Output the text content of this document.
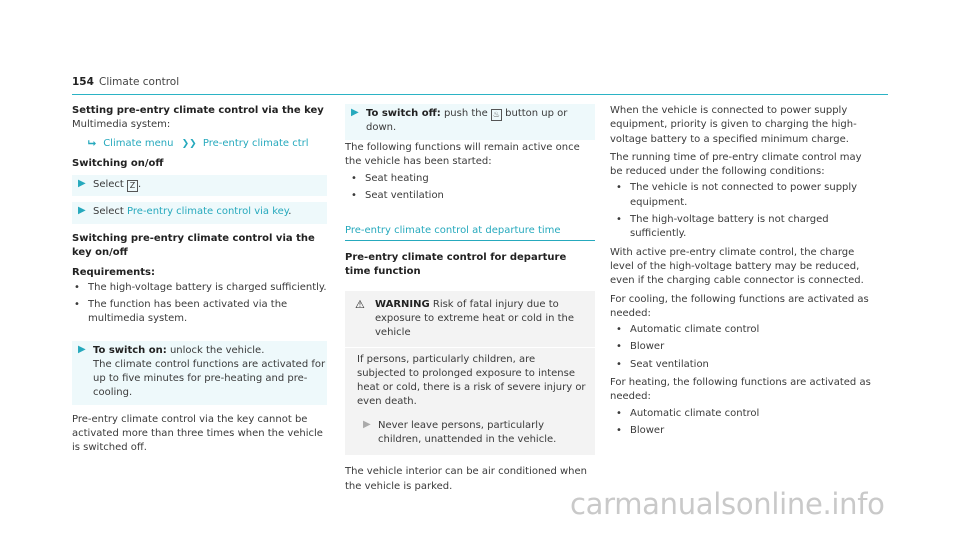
154 Climate control

Setting pre-entry climate control via the key

Multimedia system:

⮡ Climate menu ❯❯ Pre-entry climate ctrl

Switching on/off

▶ Select Z .
▶ Select Pre-entry climate control via key.

Switching pre-entry climate control via the key on/off

Requirements:

• The high-voltage battery is charged sufficiently.
• The function has been activated via the multimedia system.
▶ To switch on: unlock the vehicle.
The climate control functions are activated for up to five minutes for pre-heating and pre-cooling.

Pre-entry climate control via the key cannot be activated more than three times when the vehicle is switched off.

▶ To switch off: push the ♨ button up or down.

The following functions will remain active once the vehicle has been started:

• Seat heating
• Seat ventilation

Pre-entry climate control at departure time

Pre-entry climate control for departure time function

⚠ WARNING Risk of fatal injury due to exposure to extreme heat or cold in the vehicle

If persons, particularly children, are subjected to prolonged exposure to intense heat or cold, there is a risk of severe injury or even death.

▶ Never leave persons, particularly children, unattended in the vehicle.

The vehicle interior can be air conditioned when the vehicle is parked.

When the vehicle is connected to power supply equipment, priority is given to charging the high-voltage battery to a specified minimum charge.

The running time of pre-entry climate control may be reduced under the following conditions:

• The vehicle is not connected to power supply equipment.
• The high-voltage battery is not charged sufficiently.

With active pre-entry climate control, the charge level of the high-voltage battery may be reduced, even if the charging cable connector is connected.

For cooling, the following functions are activated as needed:

• Automatic climate control
• Blower
• Seat ventilation

For heating, the following functions are activated as needed:

• Automatic climate control
• Blower
carmanualsonline.info
